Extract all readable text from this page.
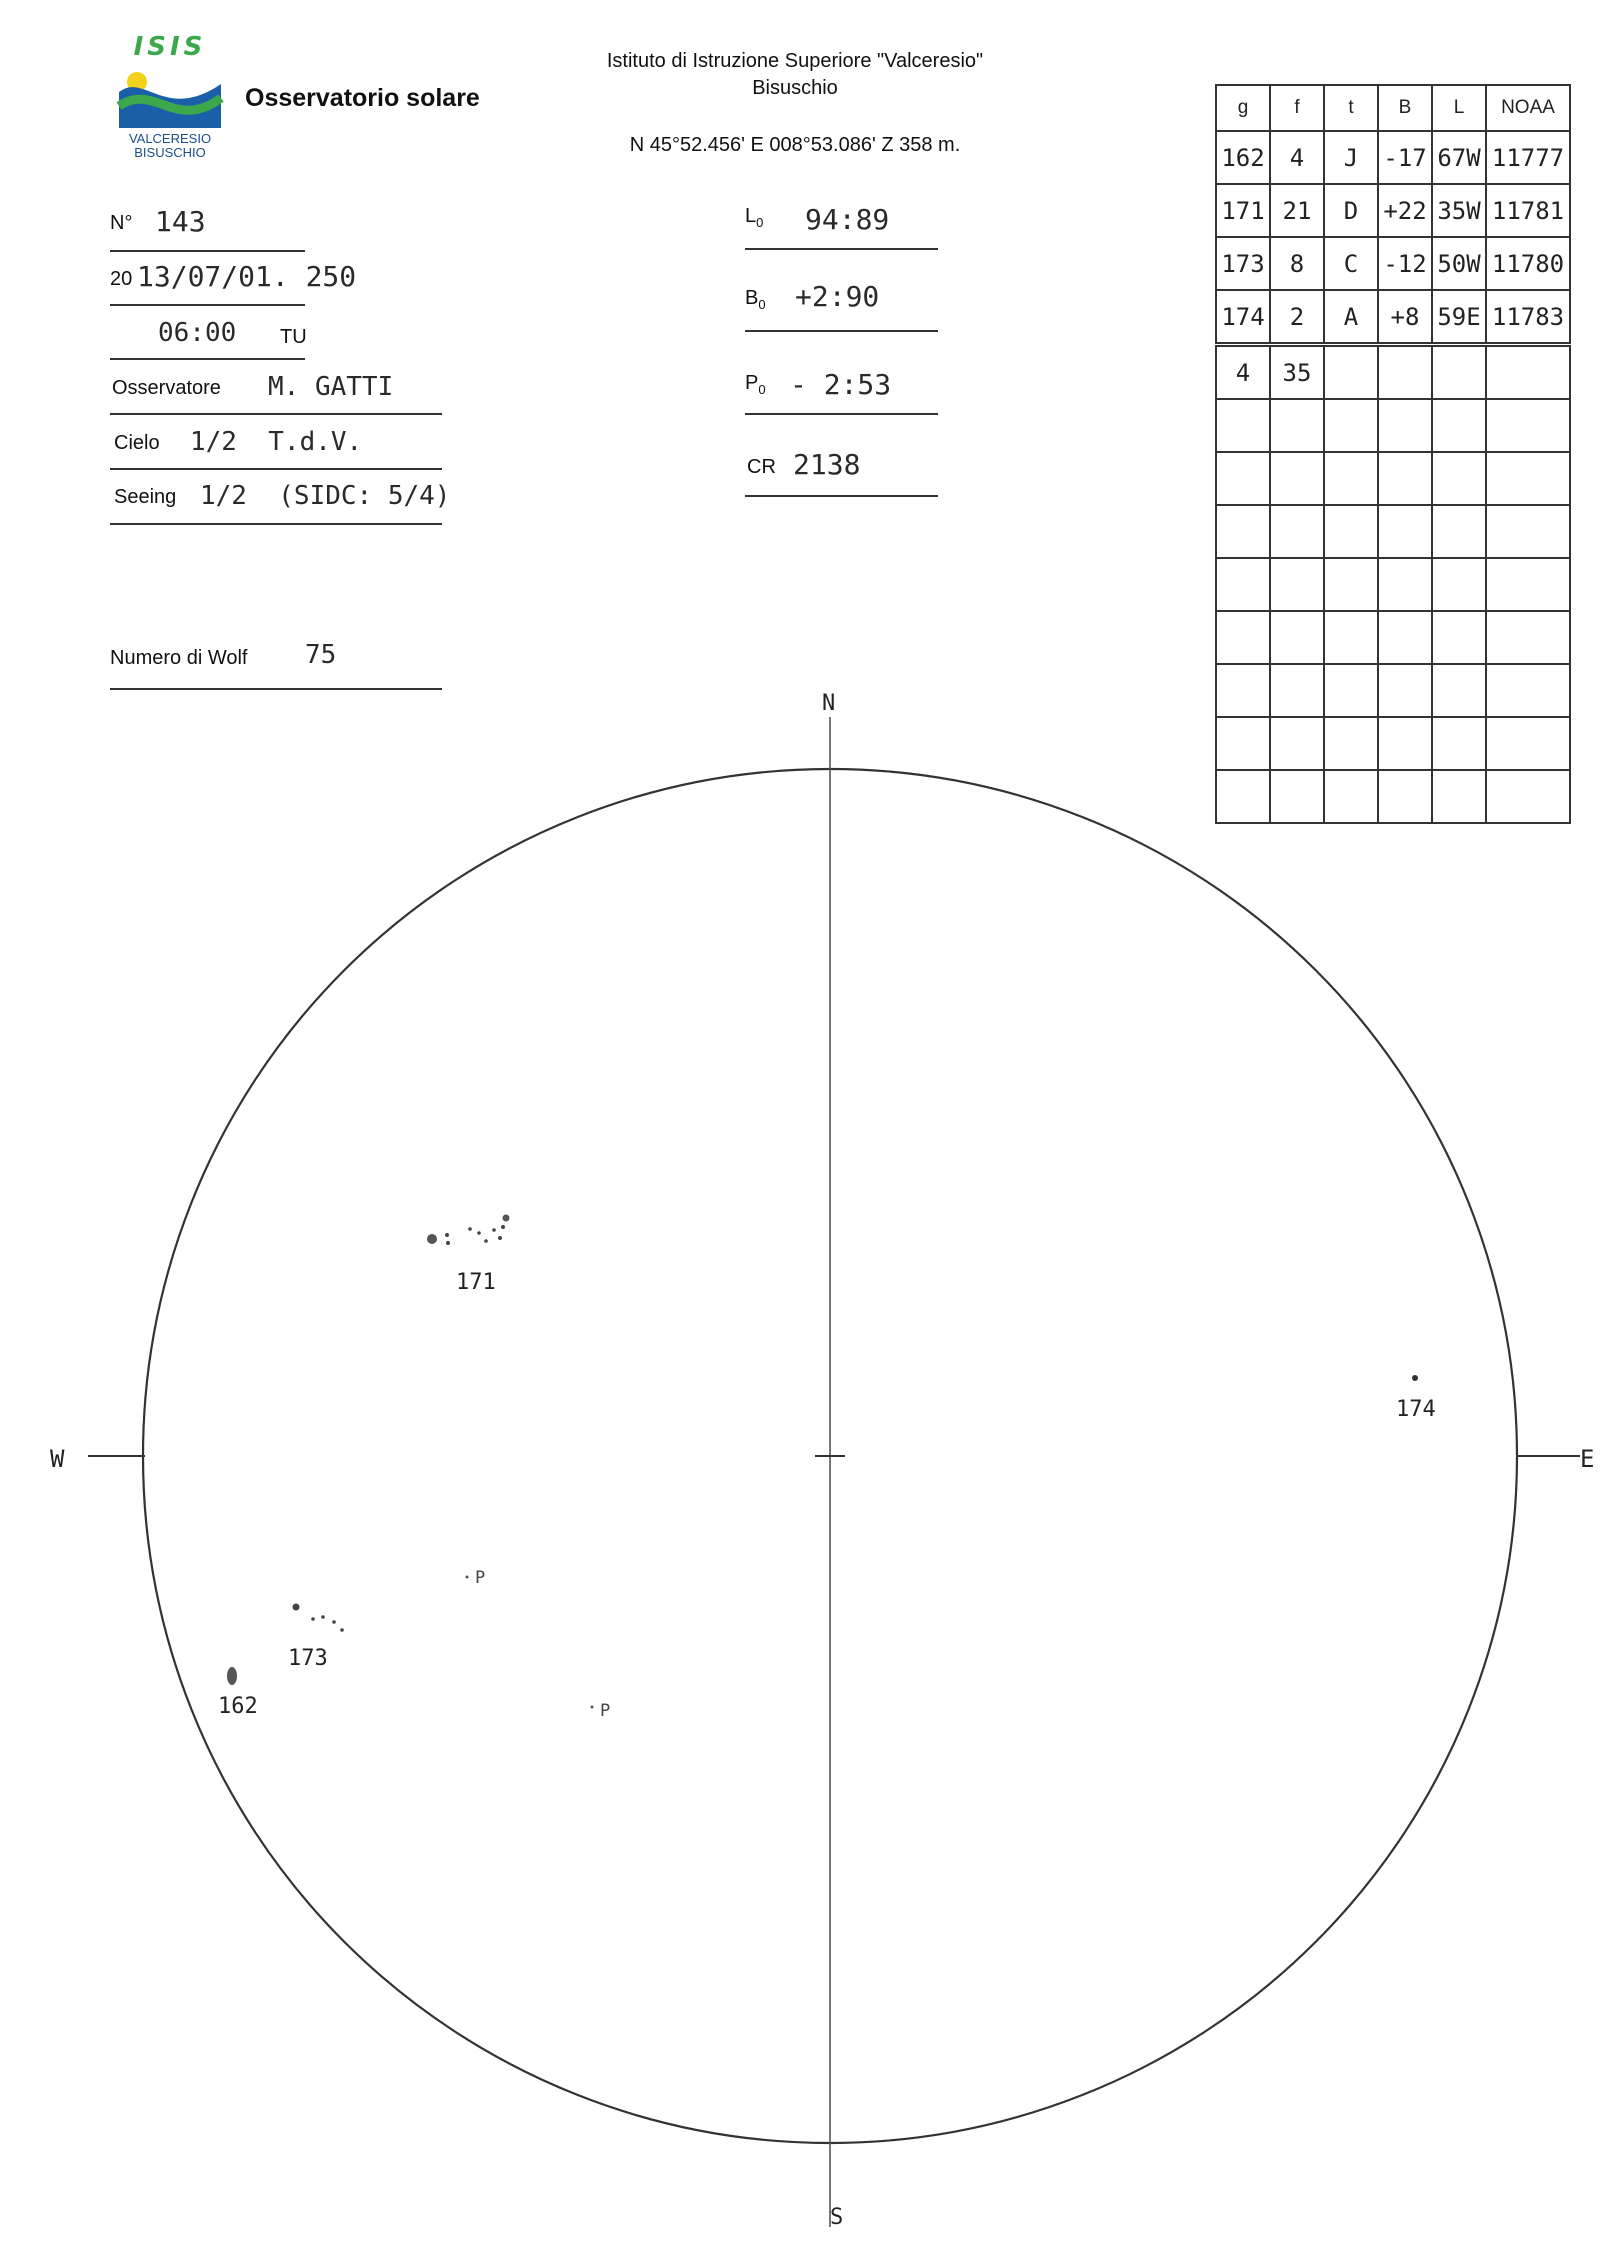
ISIS
VALCERESIO
BISUSCHIO
Osservatorio solare
Istituto di Istruzione Superiore "Valceresio"
Bisuschio
N 45°52.456' E 008°53.086' Z 358 m.
N° 143
20 13/07/01. 250
06:00 TU
Osservatore M. GATTI
Cielo 1/2  T.d.V.
Seeing 1/2  (SIDC: 5/4)
Numero di Wolf 75
$L_0$ 94:89
$B_0$ +2:90
$P_0$ - 2:53
CR 2138
g	f	t	B	L	NOAA
162	4	J	-17	67W	11777
171	21	D	+22	35W	11781
173	8	C	-12	50W	11780
174	2	A	+8	59E	11783
4	35				

N
S
W	E
171
174
173
162
P
P
